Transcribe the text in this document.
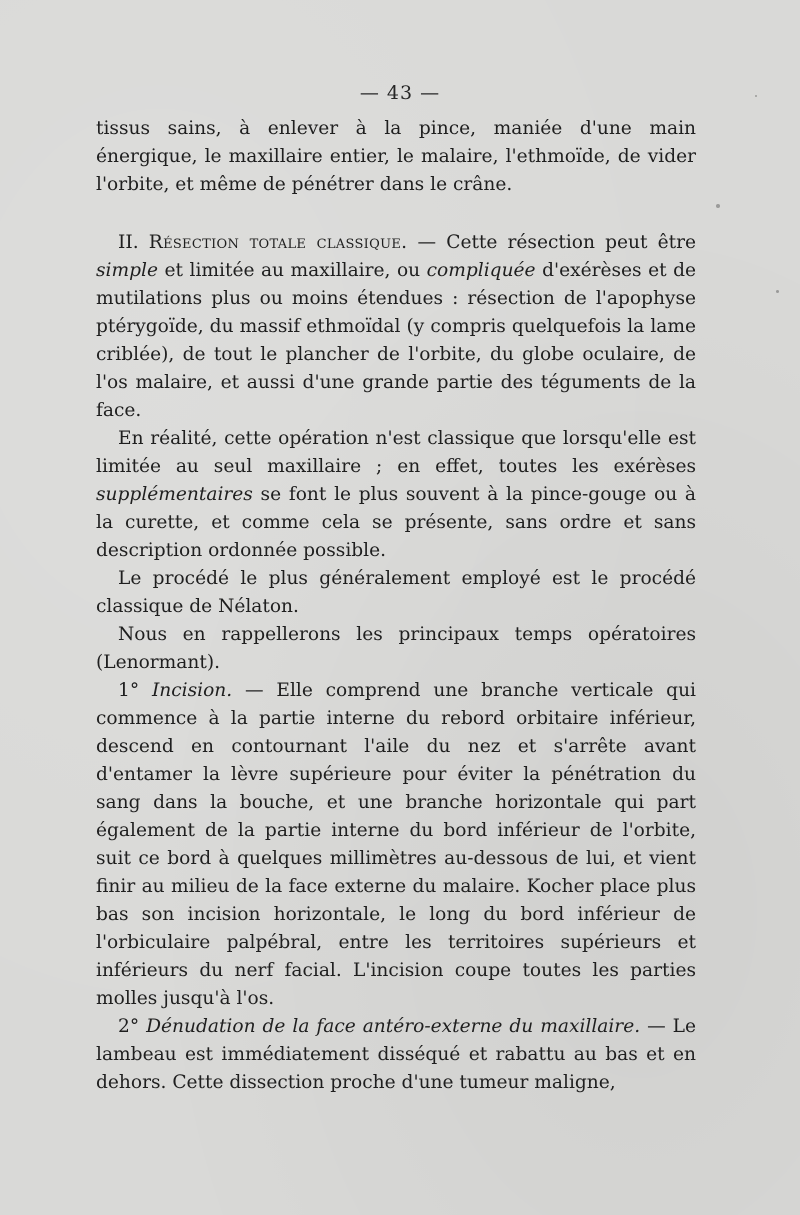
— 43 —

tissus sains, à enlever à la pince, maniée d'une main énergique, le maxillaire entier, le malaire, l'ethmoïde, de vider l'orbite, et même de pénétrer dans le crâne.

II. Résection totale classique. — Cette résection peut être simple et limitée au maxillaire, ou compliquée d'exérèses et de mutilations plus ou moins étendues : résection de l'apophyse ptérygoïde, du massif ethmoïdal (y compris quelquefois la lame criblée), de tout le plancher de l'orbite, du globe oculaire, de l'os malaire, et aussi d'une grande partie des téguments de la face.

En réalité, cette opération n'est classique que lorsqu'elle est limitée au seul maxillaire ; en effet, toutes les exérèses supplémentaires se font le plus souvent à la pince-gouge ou à la curette, et comme cela se présente, sans ordre et sans description ordonnée possible.

Le procédé le plus généralement employé est le procédé classique de Nélaton.

Nous en rappellerons les principaux temps opératoires (Lenormant).

1° Incision. — Elle comprend une branche verticale qui commence à la partie interne du rebord orbitaire inférieur, descend en contournant l'aile du nez et s'arrête avant d'entamer la lèvre supérieure pour éviter la pénétration du sang dans la bouche, et une branche horizontale qui part également de la partie interne du bord inférieur de l'orbite, suit ce bord à quelques millimètres au-dessous de lui, et vient finir au milieu de la face externe du malaire. Kocher place plus bas son incision horizontale, le long du bord inférieur de l'orbiculaire palpébral, entre les territoires supérieurs et inférieurs du nerf facial. L'incision coupe toutes les parties molles jusqu'à l'os.

2° Dénudation de la face antéro-externe du maxillaire. — Le lambeau est immédiatement disséqué et rabattu au bas et en dehors. Cette dissection proche d'une tumeur maligne,
